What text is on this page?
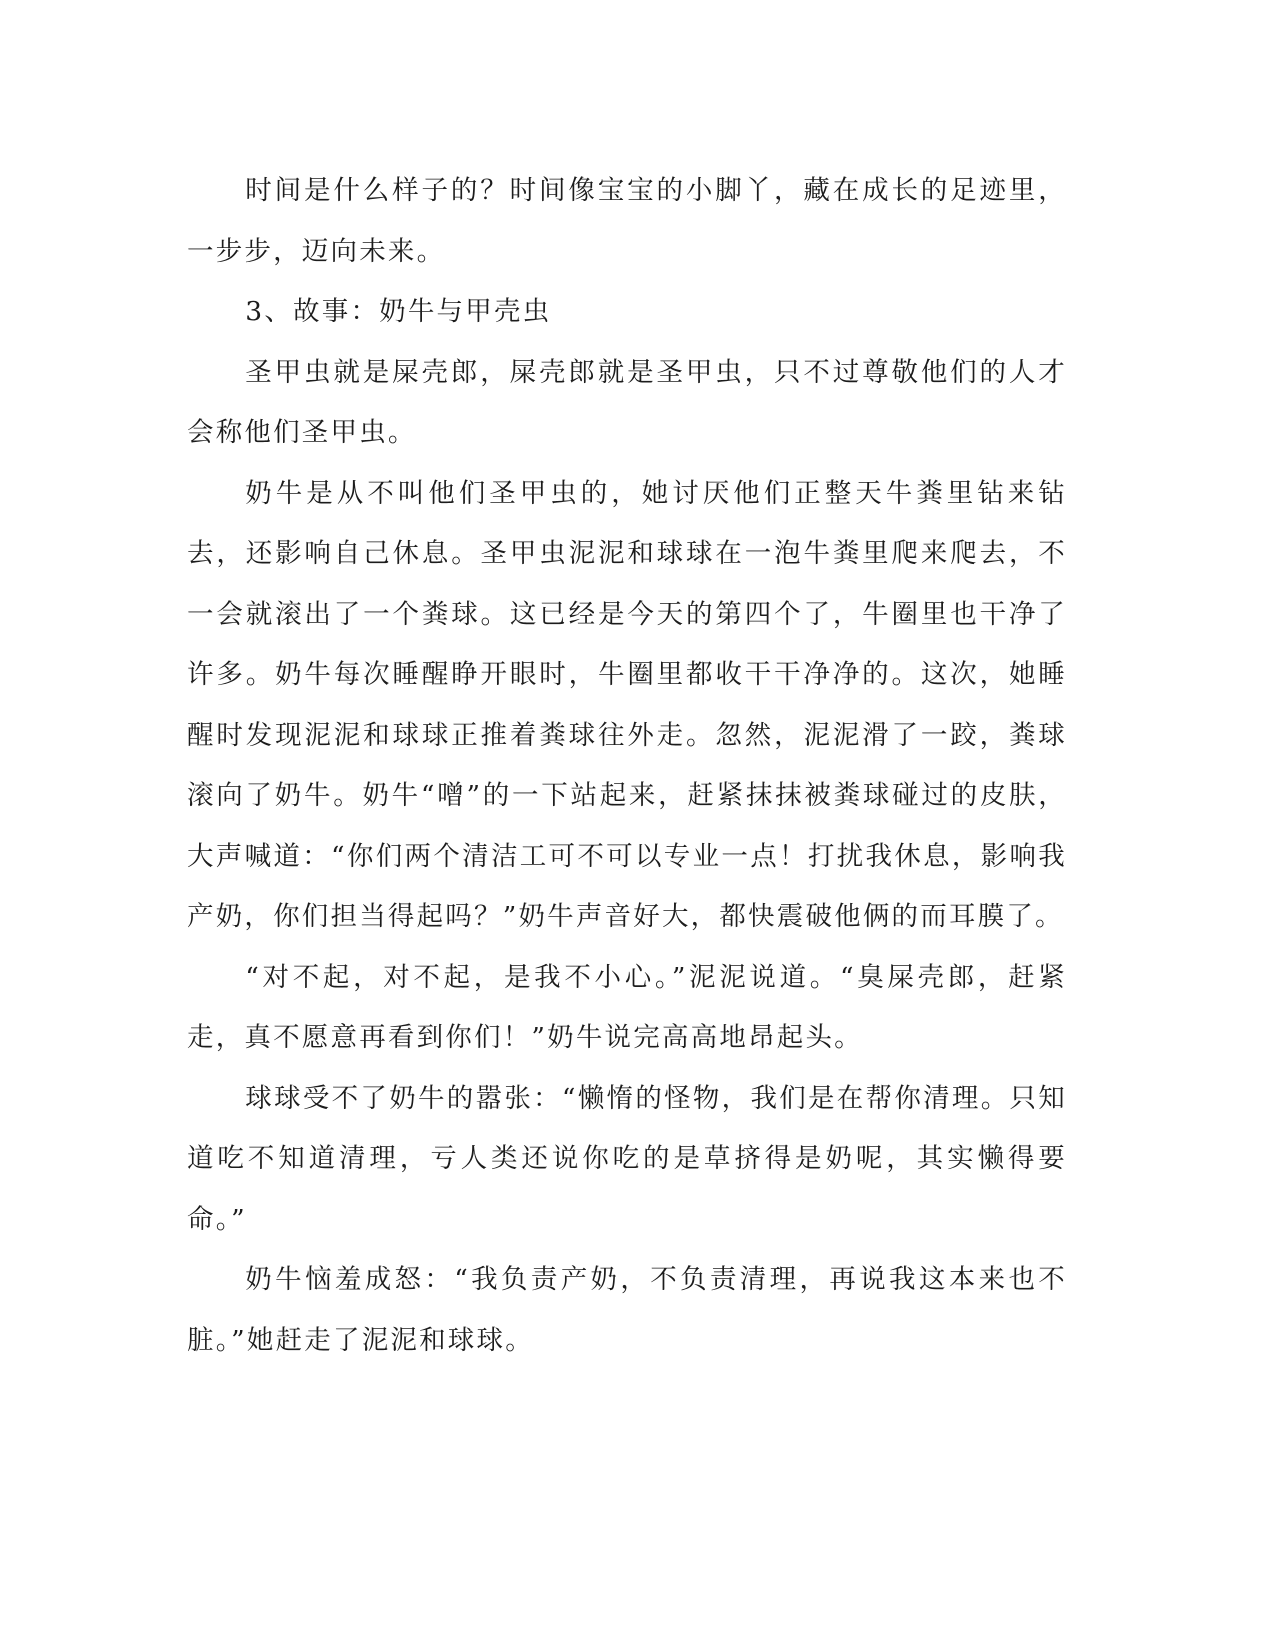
时间是什么样子的？时间像宝宝的小脚丫，藏在成长的足迹里，一步步，迈向未来。

3、故事：奶牛与甲壳虫

圣甲虫就是屎壳郎，屎壳郎就是圣甲虫，只不过尊敬他们的人才会称他们圣甲虫。

奶牛是从不叫他们圣甲虫的，她讨厌他们正整天牛粪里钻来钻去，还影响自己休息。圣甲虫泥泥和球球在一泡牛粪里爬来爬去，不一会就滚出了一个粪球。这已经是今天的第四个了，牛圈里也干净了许多。奶牛每次睡醒睁开眼时，牛圈里都收干干净净的。这次，她睡醒时发现泥泥和球球正推着粪球往外走。忽然，泥泥滑了一跤，粪球滚向了奶牛。奶牛“噌”的一下站起来，赶紧抹抹被粪球碰过的皮肤，大声喊道：“你们两个清洁工可不可以专业一点！打扰我休息，影响我产奶，你们担当得起吗？”奶牛声音好大，都快震破他俩的而耳膜了。

“对不起，对不起，是我不小心。”泥泥说道。“臭屎壳郎，赶紧走，真不愿意再看到你们！”奶牛说完高高地昂起头。

球球受不了奶牛的嚣张：“懒惰的怪物，我们是在帮你清理。只知道吃不知道清理，亏人类还说你吃的是草挤得是奶呢，其实懒得要命。”

奶牛恼羞成怒：“我负责产奶，不负责清理，再说我这本来也不脏。”她赶走了泥泥和球球。
